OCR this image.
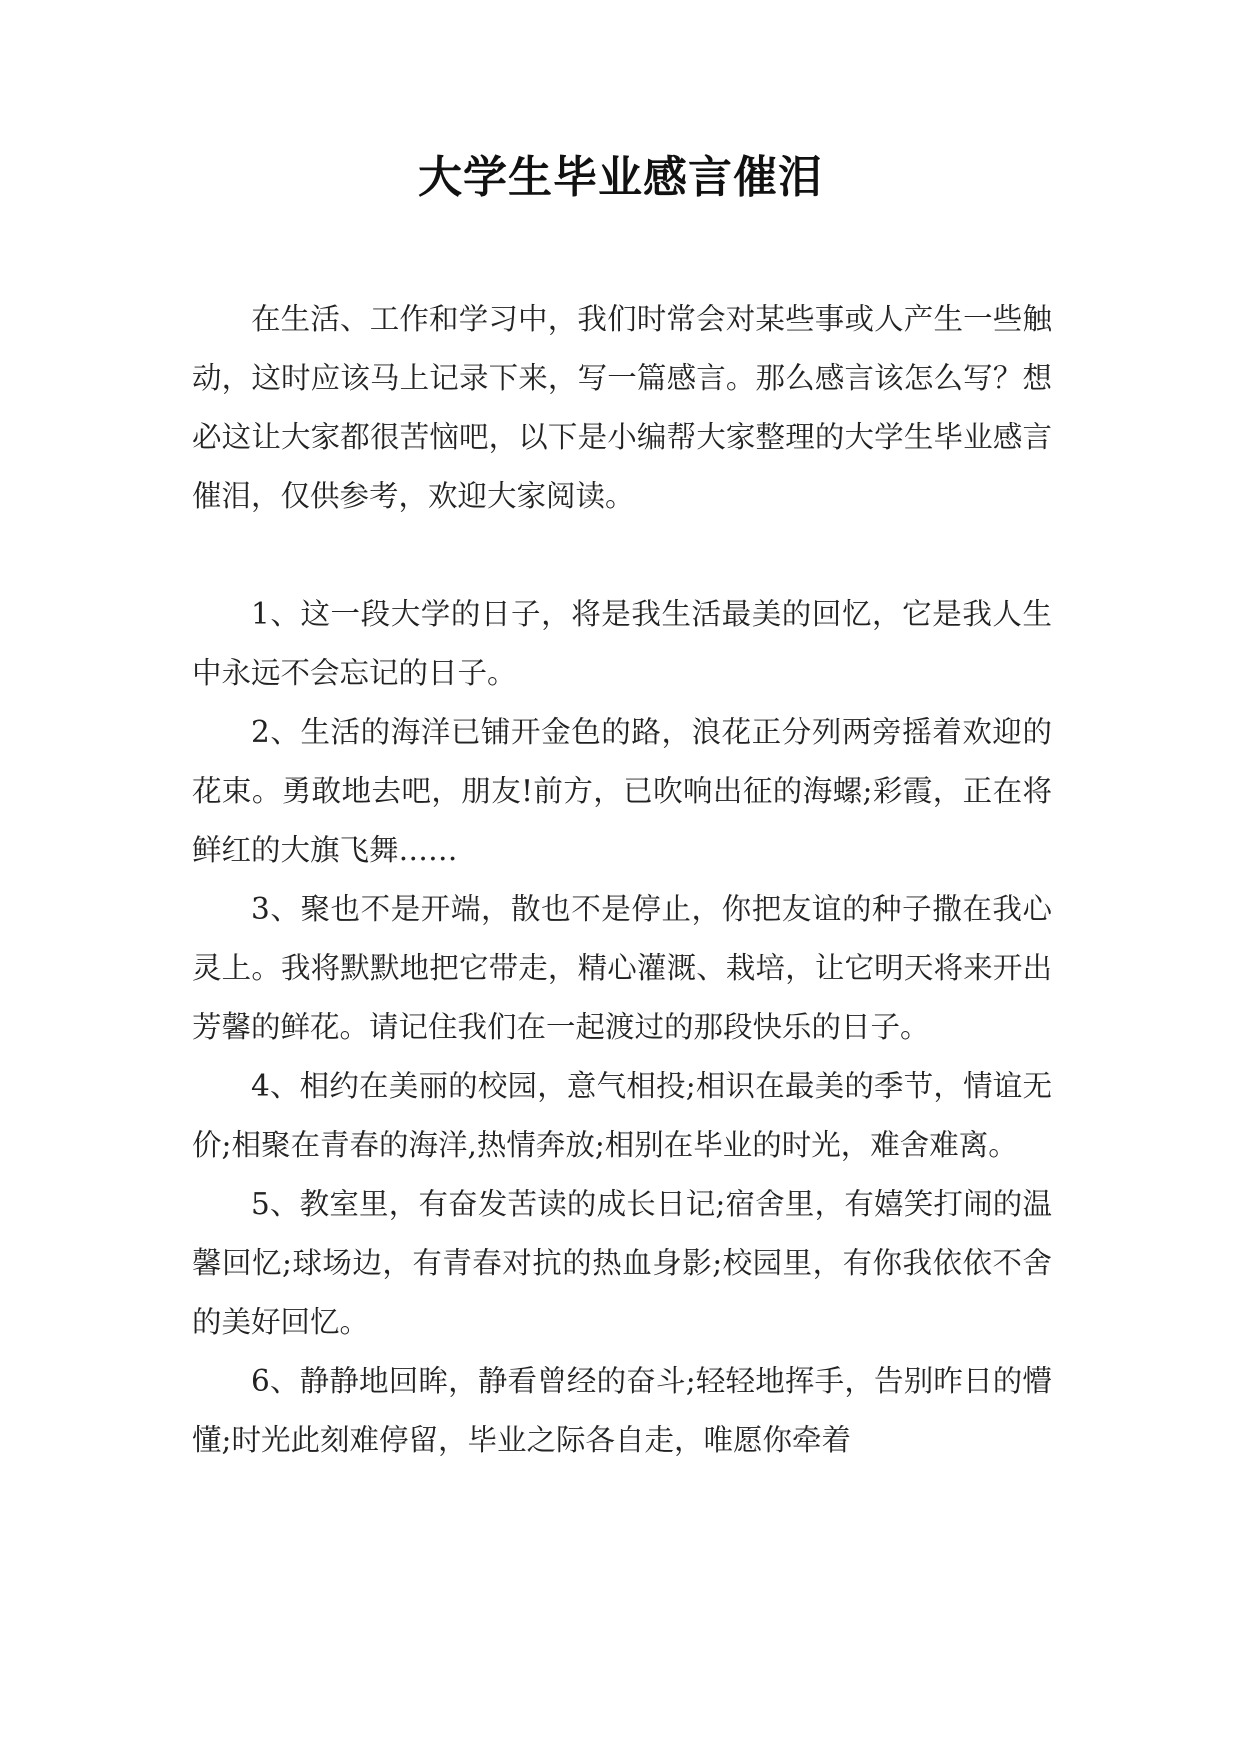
大学生毕业感言催泪

在生活、工作和学习中，我们时常会对某些事或人产生一些触动，这时应该马上记录下来，写一篇感言。那么感言该怎么写？想必这让大家都很苦恼吧，以下是小编帮大家整理的大学生毕业感言催泪，仅供参考，欢迎大家阅读。

1、这一段大学的日子，将是我生活最美的回忆，它是我人生中永远不会忘记的日子。

2、生活的海洋已铺开金色的路，浪花正分列两旁摇着欢迎的花束。勇敢地去吧，朋友!前方，已吹响出征的海螺;彩霞，正在将鲜红的大旗飞舞……

3、聚也不是开端，散也不是停止，你把友谊的种子撒在我心灵上。我将默默地把它带走，精心灌溉、栽培，让它明天将来开出芳馨的鲜花。请记住我们在一起渡过的那段快乐的日子。

4、相约在美丽的校园，意气相投;相识在最美的季节，情谊无价;相聚在青春的海洋,热情奔放;相别在毕业的时光，难舍难离。

5、教室里，有奋发苦读的成长日记;宿舍里，有嬉笑打闹的温馨回忆;球场边，有青春对抗的热血身影;校园里，有你我依依不舍的美好回忆。

6、静静地回眸，静看曾经的奋斗;轻轻地挥手，告别昨日的懵懂;时光此刻难停留，毕业之际各自走，唯愿你牵着
